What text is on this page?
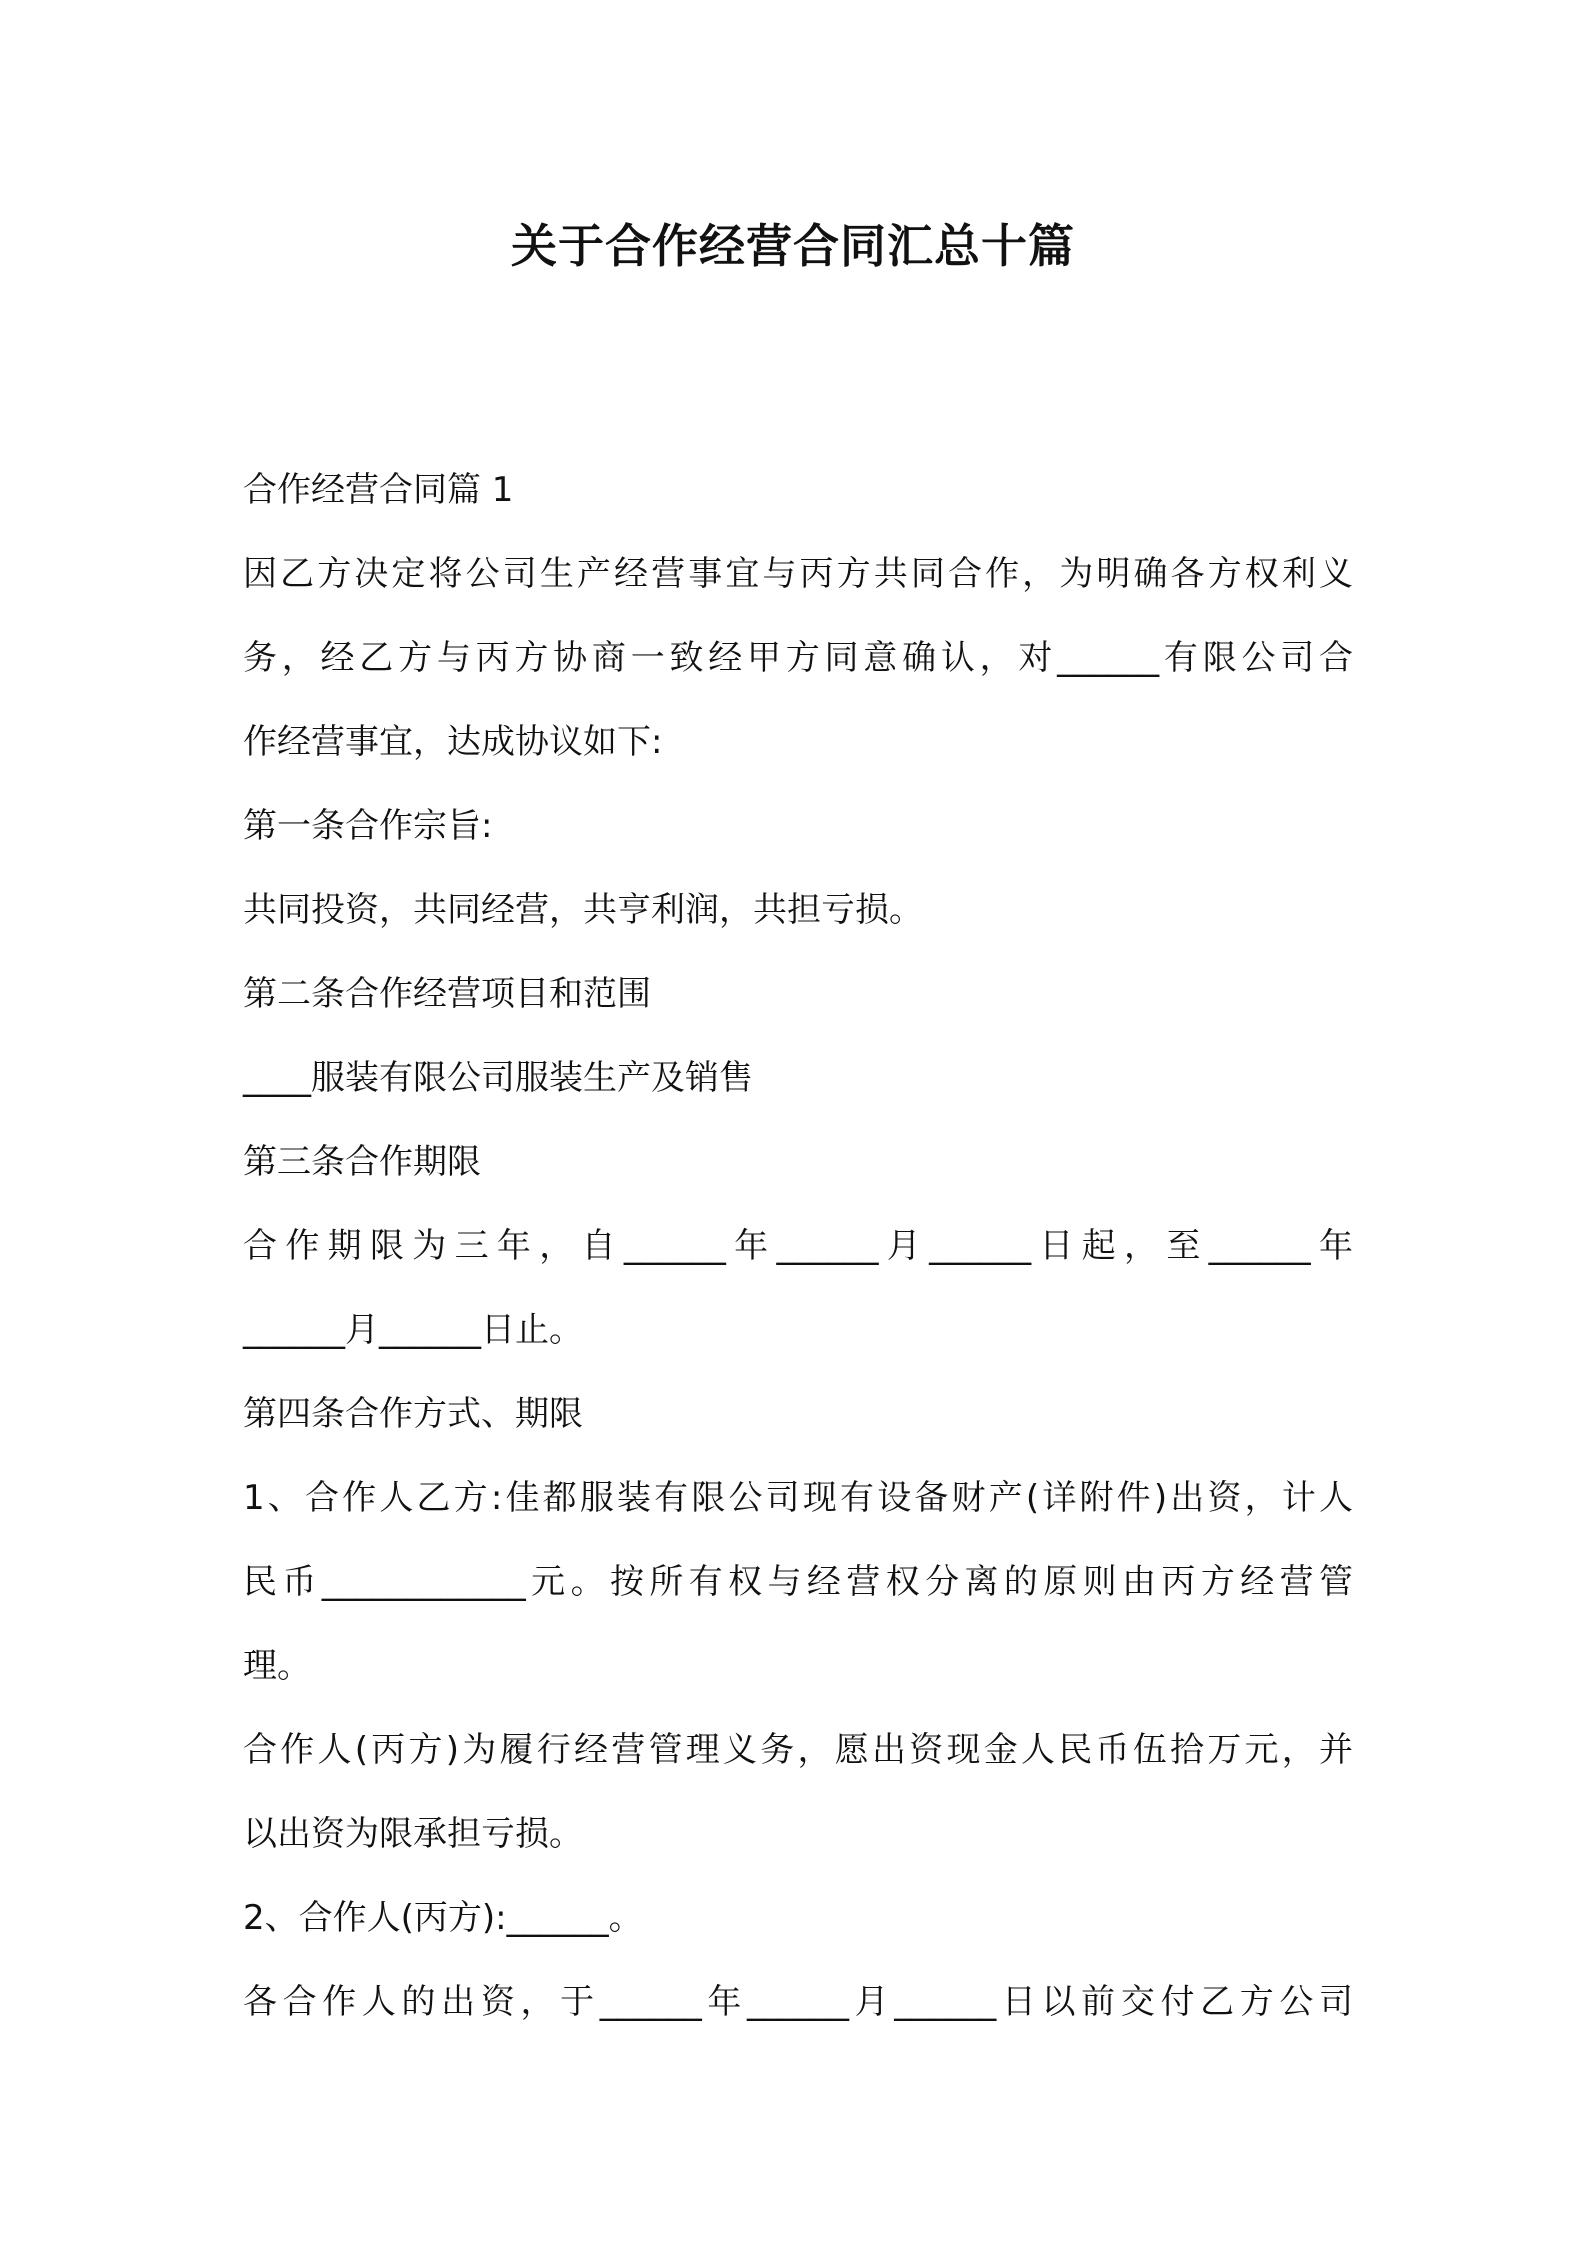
关于合作经营合同汇总十篇
合作经营合同篇 1
因乙方决定将公司生产经营事宜与丙方共同合作，为明确各方权利义
务，经乙方与丙方协商一致经甲方同意确认，对______有限公司合
作经营事宜，达成协议如下:
第一条合作宗旨:
共同投资，共同经营，共亨利润，共担亏损。
第二条合作经营项目和范围
____服装有限公司服装生产及销售
第三条合作期限
合作期限为三年，自______年______月______日起，至______年
______月______日止。
第四条合作方式、期限
1、合作人乙方:佳都服装有限公司现有设备财产(详附件)出资，计人
民币____________元。按所有权与经营权分离的原则由丙方经营管
理。
合作人(丙方)为履行经营管理义务，愿出资现金人民币伍拾万元，并
以出资为限承担亏损。
2、合作人(丙方):______。
各合作人的出资，于______年______月______日以前交付乙方公司
